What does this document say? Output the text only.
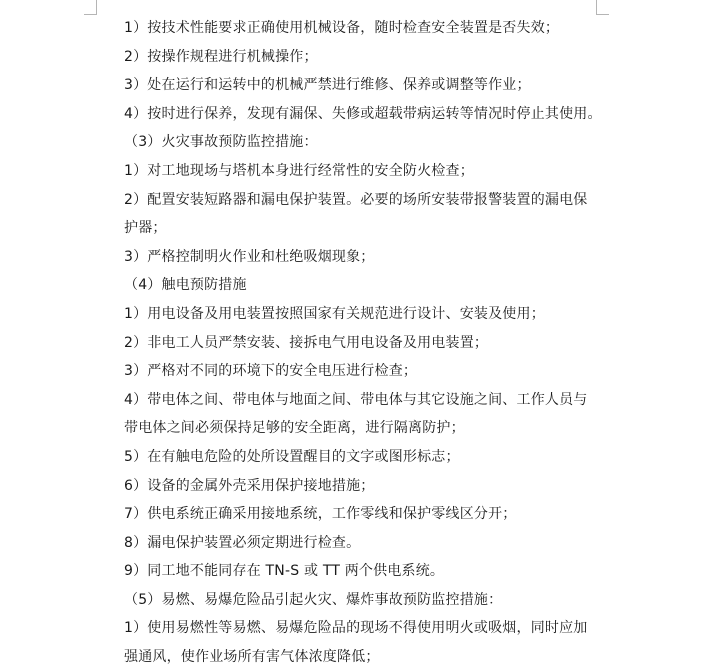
1）按技术性能要求正确使用机械设备，随时检查安全装置是否失效；

2）按操作规程进行机械操作；

3）处在运行和运转中的机械严禁进行维修、保养或调整等作业；

4）按时进行保养，发现有漏保、失修或超载带病运转等情况时停止其使用。

（3）火灾事故预防监控措施：

1）对工地现场与塔机本身进行经常性的安全防火检查；

2）配置安装短路器和漏电保护装置。必要的场所安装带报警装置的漏电保护器；

3）严格控制明火作业和杜绝吸烟现象；

（4）触电预防措施

1）用电设备及用电装置按照国家有关规范进行设计、安装及使用；

2）非电工人员严禁安装、接拆电气用电设备及用电装置；

3）严格对不同的环境下的安全电压进行检查；

4）带电体之间、带电体与地面之间、带电体与其它设施之间、工作人员与带电体之间必须保持足够的安全距离，进行隔离防护；

5）在有触电危险的处所设置醒目的文字或图形标志；

6）设备的金属外壳采用保护接地措施；

7）供电系统正确采用接地系统，工作零线和保护零线区分开；

8）漏电保护装置必须定期进行检查。

9）同工地不能同存在 TN-S 或 TT 两个供电系统。

（5）易燃、易爆危险品引起火灾、爆炸事故预防监控措施：

1）使用易燃性等易燃、易爆危险品的现场不得使用明火或吸烟，同时应加强通风，使作业场所有害气体浓度降低；
